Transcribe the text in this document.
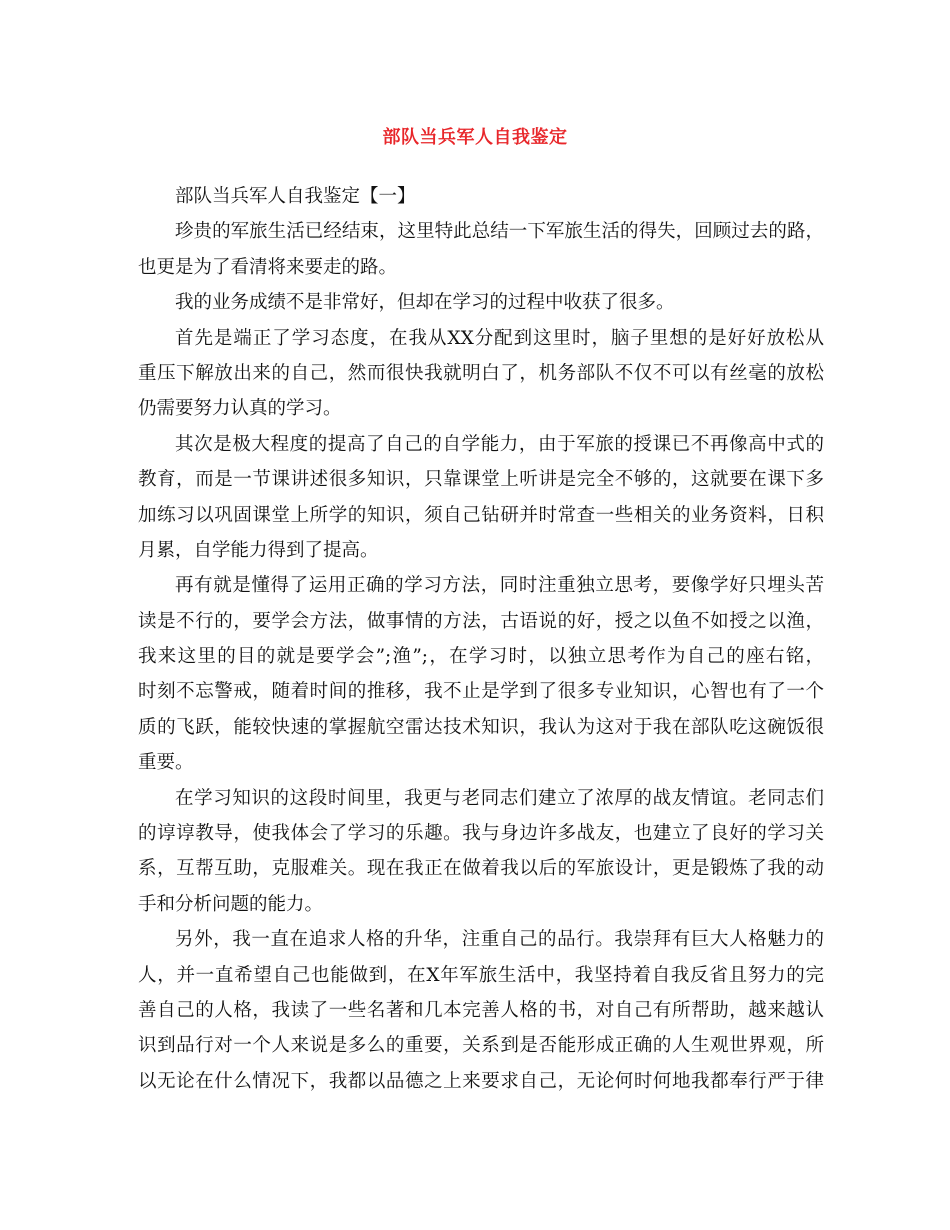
部队当兵军人自我鉴定
部队当兵军人自我鉴定【一】
珍贵的军旅生活已经结束，这里特此总结一下军旅生活的得失，回顾过去的路，
也更是为了看清将来要走的路。
我的业务成绩不是非常好，但却在学习的过程中收获了很多。
首先是端正了学习态度，在我从XX分配到这里时，脑子里想的是好好放松从
重压下解放出来的自己，然而很快我就明白了，机务部队不仅不可以有丝毫的放松
仍需要努力认真的学习。
其次是极大程度的提高了自己的自学能力，由于军旅的授课已不再像高中式的
教育，而是一节课讲述很多知识，只靠课堂上听讲是完全不够的，这就要在课下多
加练习以巩固课堂上所学的知识，须自己钻研并时常查一些相关的业务资料，日积
月累，自学能力得到了提高。
再有就是懂得了运用正确的学习方法，同时注重独立思考，要像学好只埋头苦
读是不行的，要学会方法，做事情的方法，古语说的好，授之以鱼不如授之以渔，
我来这里的目的就是要学会”;渔”;，在学习时，以独立思考作为自己的座右铭，
时刻不忘警戒，随着时间的推移，我不止是学到了很多专业知识，心智也有了一个
质的飞跃，能较快速的掌握航空雷达技术知识，我认为这对于我在部队吃这碗饭很
重要。
在学习知识的这段时间里，我更与老同志们建立了浓厚的战友情谊。老同志们
的谆谆教导，使我体会了学习的乐趣。我与身边许多战友，也建立了良好的学习关
系，互帮互助，克服难关。现在我正在做着我以后的军旅设计，更是锻炼了我的动
手和分析问题的能力。
另外，我一直在追求人格的升华，注重自己的品行。我崇拜有巨大人格魅力的
人，并一直希望自己也能做到，在X年军旅生活中，我坚持着自我反省且努力的完
善自己的人格，我读了一些名著和几本完善人格的书，对自己有所帮助，越来越认
识到品行对一个人来说是多么的重要，关系到是否能形成正确的人生观世界观，所
以无论在什么情况下，我都以品德之上来要求自己，无论何时何地我都奉行严于律
